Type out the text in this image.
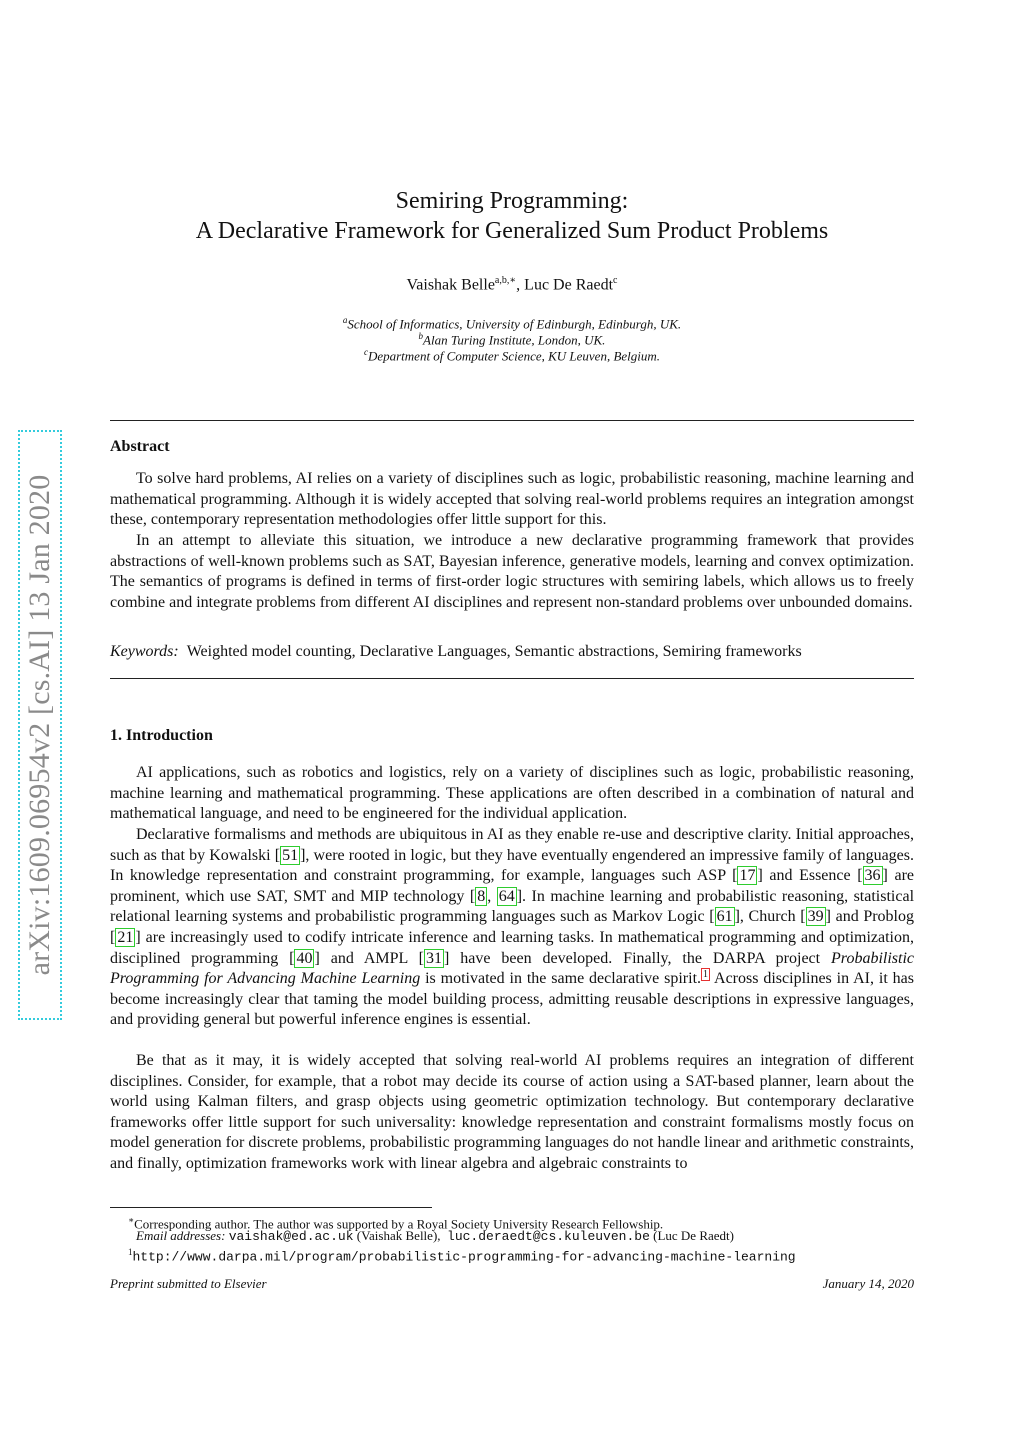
arXiv:1609.06954v2 [cs.AI] 13 Jan 2020
Semiring Programming:
A Declarative Framework for Generalized Sum Product Problems
Vaishak Belle$^{a,b,∗}$, Luc De Raedt$^c$
$^a$School of Informatics, University of Edinburgh, Edinburgh, UK.
$^b$Alan Turing Institute, London, UK.
$^c$Department of Computer Science, KU Leuven, Belgium.
Abstract

To solve hard problems, AI relies on a variety of disciplines such as logic, probabilistic reasoning, machine learning and mathematical programming. Although it is widely accepted that solving real-world problems requires an integration amongst these, contemporary representation methodologies offer little support for this.

In an attempt to alleviate this situation, we introduce a new declarative programming framework that provides abstractions of well-known problems such as SAT, Bayesian inference, generative models, learning and convex optimization. The semantics of programs is defined in terms of first-order logic structures with semiring labels, which allows us to freely combine and integrate problems from different AI disciplines and represent non-standard problems over unbounded domains.

Keywords: Weighted model counting, Declarative Languages, Semantic abstractions, Semiring frameworks
1. Introduction

AI applications, such as robotics and logistics, rely on a variety of disciplines such as logic, probabilistic reasoning, machine learning and mathematical programming. These applications are often described in a combination of natural and mathematical language, and need to be engineered for the individual application.

Declarative formalisms and methods are ubiquitous in AI as they enable re-use and descriptive clarity. Initial approaches, such as that by Kowalski [ 51 ], were rooted in logic, but they have eventually engendered an impressive family of languages. In knowledge representation and constraint programming, for example, languages such ASP [ 17 ] and Essence [ 36 ] are prominent, which use SAT, SMT and MIP technology [ 8 , 64 ]. In machine learning and probabilistic reasoning, statistical relational learning systems and probabilistic programming languages such as Markov Logic [ 61 ], Church [ 39 ] and Problog [ 21 ] are increasingly used to codify intricate inference and learning tasks. In mathematical programming and optimization, disciplined programming [ 40 ] and AMPL [ 31 ] have been developed. Finally, the DARPA project Probabilistic Programming for Advancing Machine Learning is motivated in the same declarative spirit. $^1$ Across disciplines in AI, it has become increasingly clear that taming the model building process, admitting reusable descriptions in expressive languages, and providing general but powerful inference engines is essential.

Be that as it may, it is widely accepted that solving real-world AI problems requires an integration of different disciplines. Consider, for example, that a robot may decide its course of action using a SAT-based planner, learn about the world using Kalman filters, and grasp objects using geometric optimization technology. But contemporary declarative frameworks offer little support for such universality: knowledge representation and constraint formalisms mostly focus on model generation for discrete problems, probabilistic programming languages do not handle linear and arithmetic constraints, and finally, optimization frameworks work with linear algebra and algebraic constraints to

∗Corresponding author. The author was supported by a Royal Society University Research Fellowship.
Email addresses: vaishak@ed.ac.uk (Vaishak Belle), luc.deraedt@cs.kuleuven.be (Luc De Raedt)
$^1$http://www.darpa.mil/program/probabilistic-programming-for-advancing-machine-learning
Preprint submitted to Elsevier	January 14, 2020
